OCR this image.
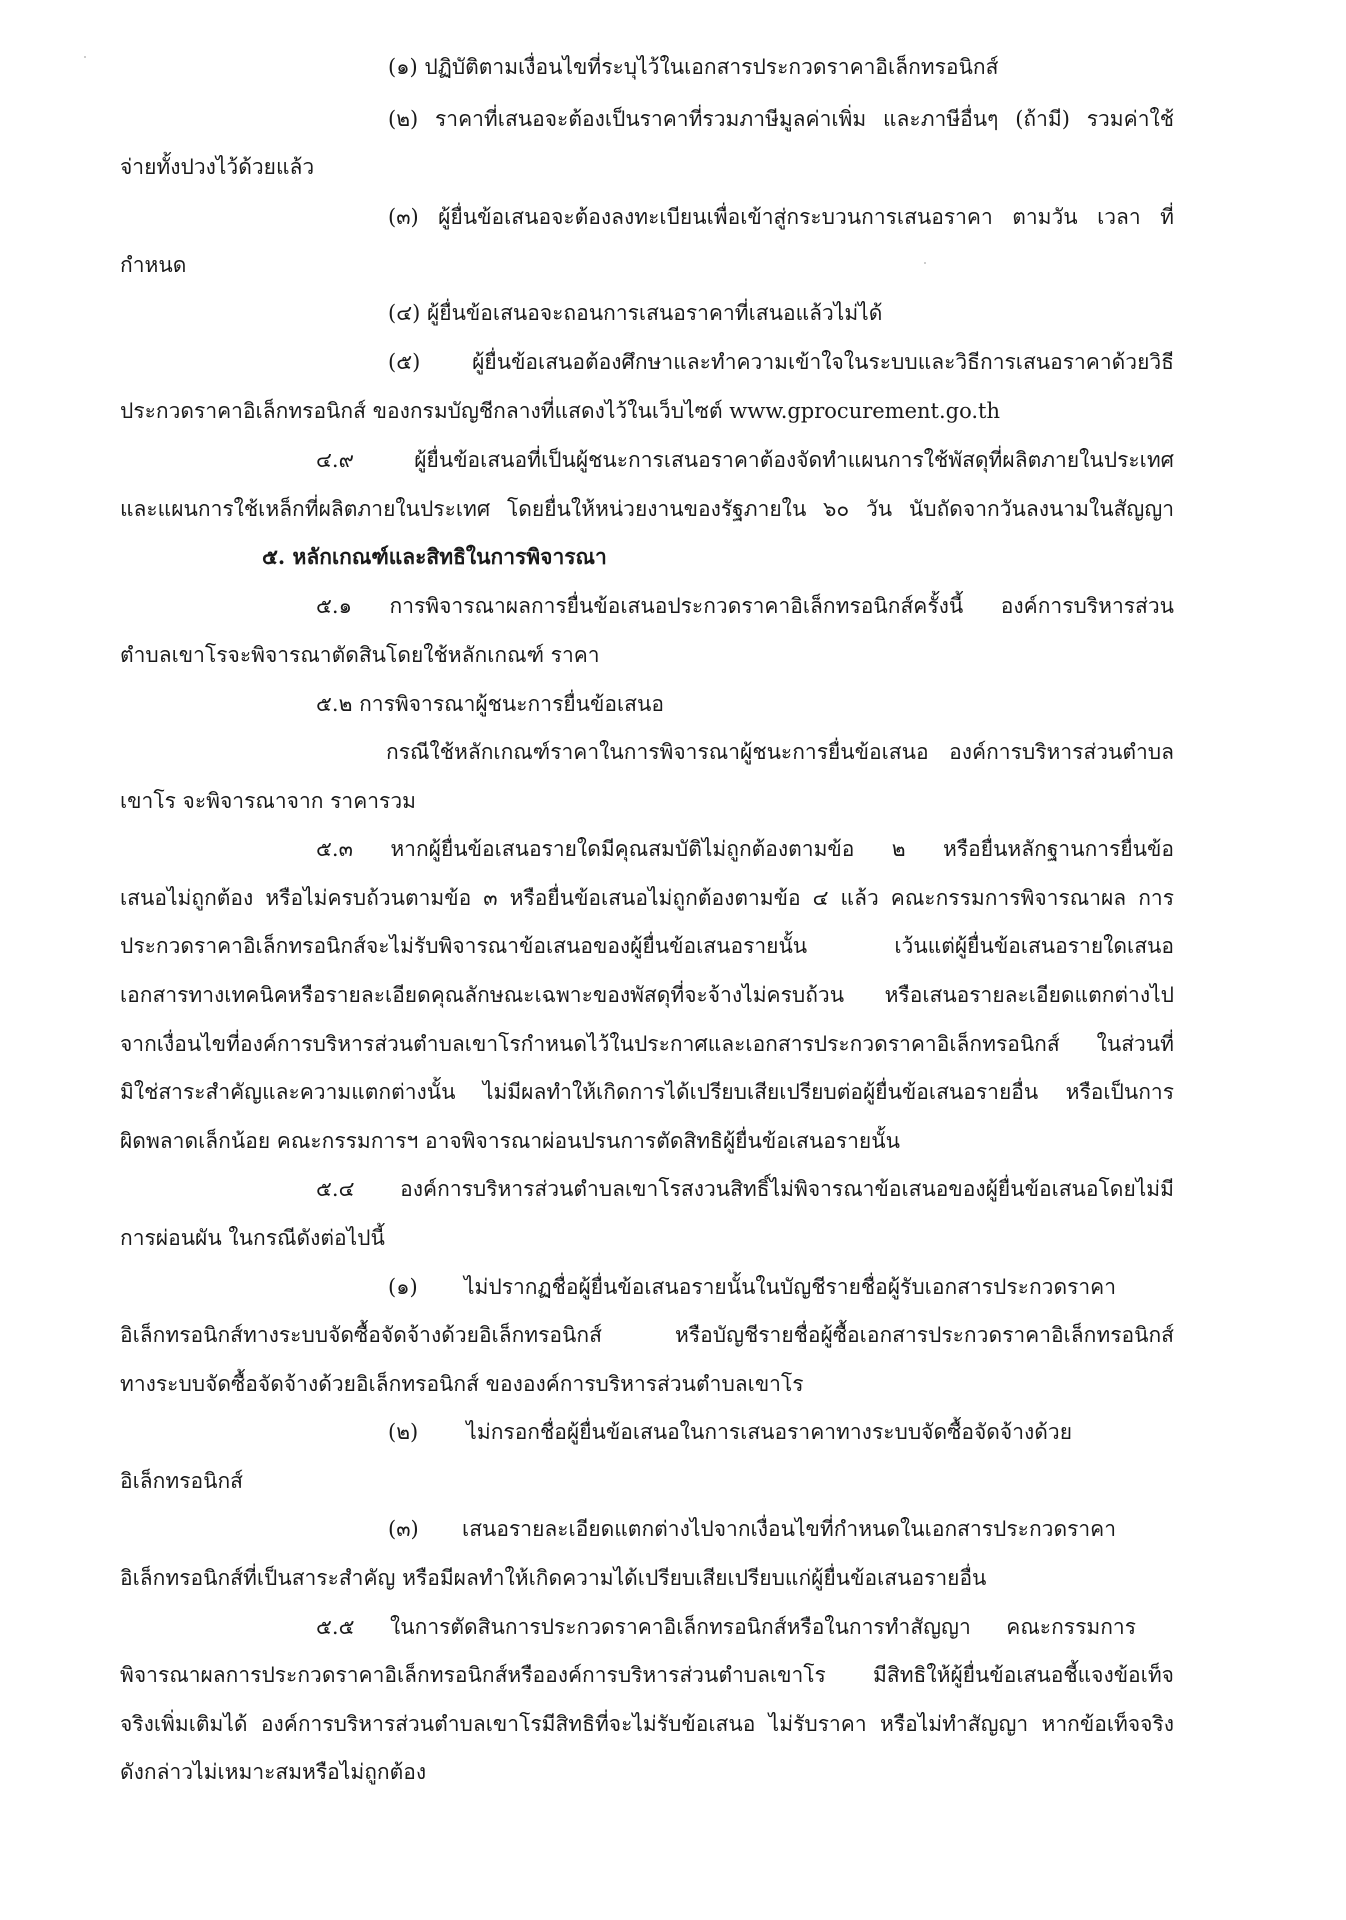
(๑) ปฏิบัติตามเงื่อนไขที่ระบุไว้ในเอกสารประกวดราคาอิเล็กทรอนิกส์
(๒) ราคาที่เสนอจะต้องเป็นราคาที่รวมภาษีมูลค่าเพิ่ม และภาษีอื่นๆ (ถ้ามี) รวมค่าใช้
จ่ายทั้งปวงไว้ด้วยแล้ว
(๓) ผู้ยื่นข้อเสนอจะต้องลงทะเบียนเพื่อเข้าสู่กระบวนการเสนอราคา ตามวัน เวลา ที่
กำหนด
(๔) ผู้ยื่นข้อเสนอจะถอนการเสนอราคาที่เสนอแล้วไม่ได้
(๕) ผู้ยื่นข้อเสนอต้องศึกษาและทำความเข้าใจในระบบและวิธีการเสนอราคาด้วยวิธี
ประกวดราคาอิเล็กทรอนิกส์ ของกรมบัญชีกลางที่แสดงไว้ในเว็บไซต์ www.gprocurement.go.th
๔.๙ ผู้ยื่นข้อเสนอที่เป็นผู้ชนะการเสนอราคาต้องจัดทำแผนการใช้พัสดุที่ผลิตภายในประเทศ
และแผนการใช้เหล็กที่ผลิตภายในประเทศ โดยยื่นให้หน่วยงานของรัฐภายใน ๖๐ วัน นับถัดจากวันลงนามในสัญญา
๕. หลักเกณฑ์และสิทธิในการพิจารณา
๕.๑ การพิจารณาผลการยื่นข้อเสนอประกวดราคาอิเล็กทรอนิกส์ครั้งนี้ องค์การบริหารส่วน
ตำบลเขาโรจะพิจารณาตัดสินโดยใช้หลักเกณฑ์ ราคา
๕.๒ การพิจารณาผู้ชนะการยื่นข้อเสนอ
กรณีใช้หลักเกณฑ์ราคาในการพิจารณาผู้ชนะการยื่นข้อเสนอ องค์การบริหารส่วนตำบล
เขาโร จะพิจารณาจาก ราคารวม
๕.๓ หากผู้ยื่นข้อเสนอรายใดมีคุณสมบัติไม่ถูกต้องตามข้อ ๒ หรือยื่นหลักฐานการยื่นข้อ
เสนอไม่ถูกต้อง หรือไม่ครบถ้วนตามข้อ ๓ หรือยื่นข้อเสนอไม่ถูกต้องตามข้อ ๔ แล้ว คณะกรรมการพิจารณาผล การ
ประกวดราคาอิเล็กทรอนิกส์จะไม่รับพิจารณาข้อเสนอของผู้ยื่นข้อเสนอรายนั้น เว้นแต่ผู้ยื่นข้อเสนอรายใดเสนอ
เอกสารทางเทคนิคหรือรายละเอียดคุณลักษณะเฉพาะของพัสดุที่จะจ้างไม่ครบถ้วน หรือเสนอรายละเอียดแตกต่างไป
จากเงื่อนไขที่องค์การบริหารส่วนตำบลเขาโรกำหนดไว้ในประกาศและเอกสารประกวดราคาอิเล็กทรอนิกส์ ในส่วนที่
มิใช่สาระสำคัญและความแตกต่างนั้น ไม่มีผลทำให้เกิดการได้เปรียบเสียเปรียบต่อผู้ยื่นข้อเสนอรายอื่น หรือเป็นการ
ผิดพลาดเล็กน้อย คณะกรรมการฯ อาจพิจารณาผ่อนปรนการตัดสิทธิผู้ยื่นข้อเสนอรายนั้น
๕.๔ องค์การบริหารส่วนตำบลเขาโรสงวนสิทธิ์ไม่พิจารณาข้อเสนอของผู้ยื่นข้อเสนอโดยไม่มี
การผ่อนผัน ในกรณีดังต่อไปนี้
(๑) ไม่ปรากฏชื่อผู้ยื่นข้อเสนอรายนั้นในบัญชีรายชื่อผู้รับเอกสารประกวดราคา
อิเล็กทรอนิกส์ทางระบบจัดซื้อจัดจ้างด้วยอิเล็กทรอนิกส์ หรือบัญชีรายชื่อผู้ซื้อเอกสารประกวดราคาอิเล็กทรอนิกส์
ทางระบบจัดซื้อจัดจ้างด้วยอิเล็กทรอนิกส์ ขององค์การบริหารส่วนตำบลเขาโร
(๒) ไม่กรอกชื่อผู้ยื่นข้อเสนอในการเสนอราคาทางระบบจัดซื้อจัดจ้างด้วย
อิเล็กทรอนิกส์
(๓) เสนอรายละเอียดแตกต่างไปจากเงื่อนไขที่กำหนดในเอกสารประกวดราคา
อิเล็กทรอนิกส์ที่เป็นสาระสำคัญ หรือมีผลทำให้เกิดความได้เปรียบเสียเปรียบแก่ผู้ยื่นข้อเสนอรายอื่น
๕.๕ ในการตัดสินการประกวดราคาอิเล็กทรอนิกส์หรือในการทำสัญญา คณะกรรมการ
พิจารณาผลการประกวดราคาอิเล็กทรอนิกส์หรือองค์การบริหารส่วนตำบลเขาโร มีสิทธิให้ผู้ยื่นข้อเสนอชี้แจงข้อเท็จ
จริงเพิ่มเติมได้ องค์การบริหารส่วนตำบลเขาโรมีสิทธิที่จะไม่รับข้อเสนอ ไม่รับราคา หรือไม่ทำสัญญา หากข้อเท็จจริง
ดังกล่าวไม่เหมาะสมหรือไม่ถูกต้อง
